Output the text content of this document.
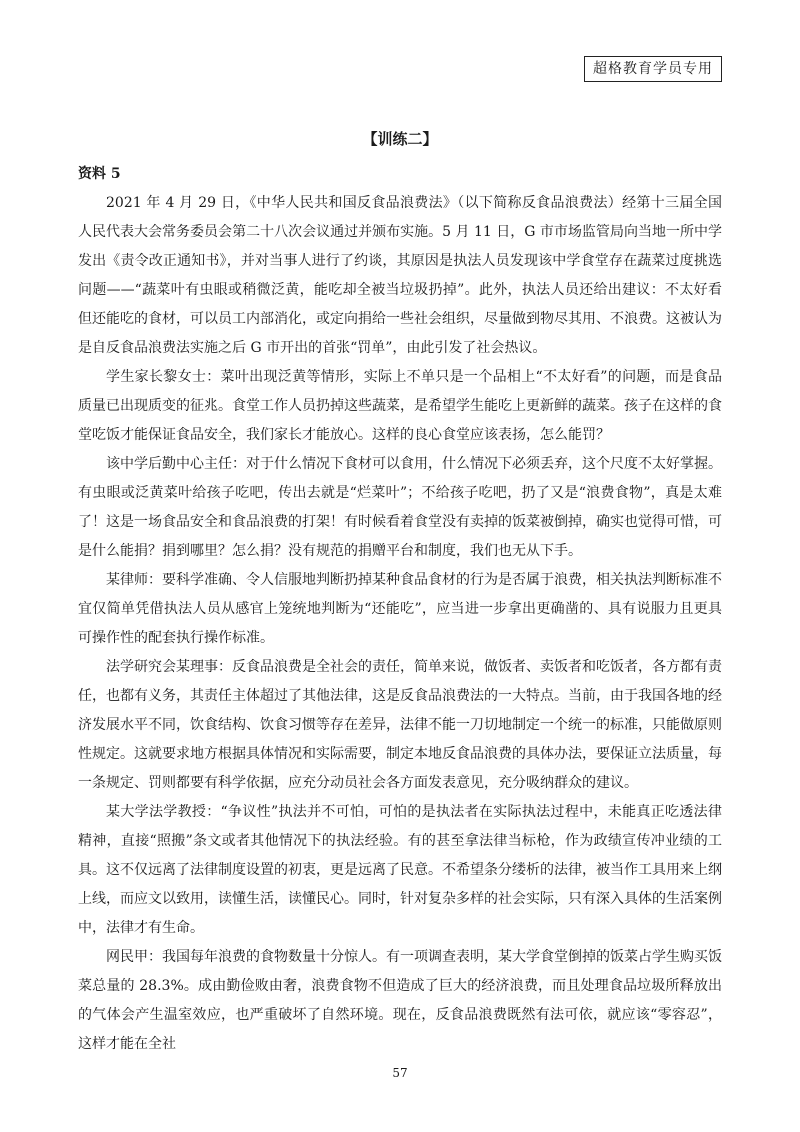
超格教育学员专用
【训练二】

资料 5

2021 年 4 月 29 日，《中华人民共和国反食品浪费法》（以下简称反食品浪费法）经第十三届全国人民代表大会常务委员会第二十八次会议通过并颁布实施。5 月 11 日，G 市市场监管局向当地一所中学发出《责令改正通知书》，并对当事人进行了约谈，其原因是执法人员发现该中学食堂存在蔬菜过度挑选问题——“蔬菜叶有虫眼或稍微泛黄，能吃却全被当垃圾扔掉”。此外，执法人员还给出建议：不太好看但还能吃的食材，可以员工内部消化，或定向捐给一些社会组织，尽量做到物尽其用、不浪费。这被认为是自反食品浪费法实施之后 G 市开出的首张“罚单”，由此引发了社会热议。

学生家长黎女士：菜叶出现泛黄等情形，实际上不单只是一个品相上“不太好看”的问题，而是食品质量已出现质变的征兆。食堂工作人员扔掉这些蔬菜，是希望学生能吃上更新鲜的蔬菜。孩子在这样的食堂吃饭才能保证食品安全，我们家长才能放心。这样的良心食堂应该表扬，怎么能罚？

该中学后勤中心主任：对于什么情况下食材可以食用，什么情况下必须丢弃，这个尺度不太好掌握。有虫眼或泛黄菜叶给孩子吃吧，传出去就是“烂菜叶”；不给孩子吃吧，扔了又是“浪费食物”，真是太难了！这是一场食品安全和食品浪费的打架！有时候看着食堂没有卖掉的饭菜被倒掉，确实也觉得可惜，可是什么能捐？捐到哪里？怎么捐？没有规范的捐赠平台和制度，我们也无从下手。

某律师：要科学准确、令人信服地判断扔掉某种食品食材的行为是否属于浪费，相关执法判断标准不宜仅简单凭借执法人员从感官上笼统地判断为“还能吃”，应当进一步拿出更确凿的、具有说服力且更具可操作性的配套执行操作标准。

法学研究会某理事：反食品浪费是全社会的责任，简单来说，做饭者、卖饭者和吃饭者，各方都有责任，也都有义务，其责任主体超过了其他法律，这是反食品浪费法的一大特点。当前，由于我国各地的经济发展水平不同，饮食结构、饮食习惯等存在差异，法律不能一刀切地制定一个统一的标准，只能做原则性规定。这就要求地方根据具体情况和实际需要，制定本地反食品浪费的具体办法，要保证立法质量，每一条规定、罚则都要有科学依据，应充分动员社会各方面发表意见，充分吸纳群众的建议。

某大学法学教授：“争议性”执法并不可怕，可怕的是执法者在实际执法过程中，未能真正吃透法律精神，直接“照搬”条文或者其他情况下的执法经验。有的甚至拿法律当标枪，作为政绩宣传冲业绩的工具。这不仅远离了法律制度设置的初衷，更是远离了民意。不希望条分缕析的法律，被当作工具用来上纲上线，而应文以致用，读懂生活，读懂民心。同时，针对复杂多样的社会实际，只有深入具体的生活案例中，法律才有生命。

网民甲：我国每年浪费的食物数量十分惊人。有一项调查表明，某大学食堂倒掉的饭菜占学生购买饭菜总量的 28.3%。成由勤俭败由奢，浪费食物不但造成了巨大的经济浪费，而且处理食品垃圾所释放出的气体会产生温室效应，也严重破坏了自然环境。现在，反食品浪费既然有法可依，就应该“零容忍”，这样才能在全社

57
